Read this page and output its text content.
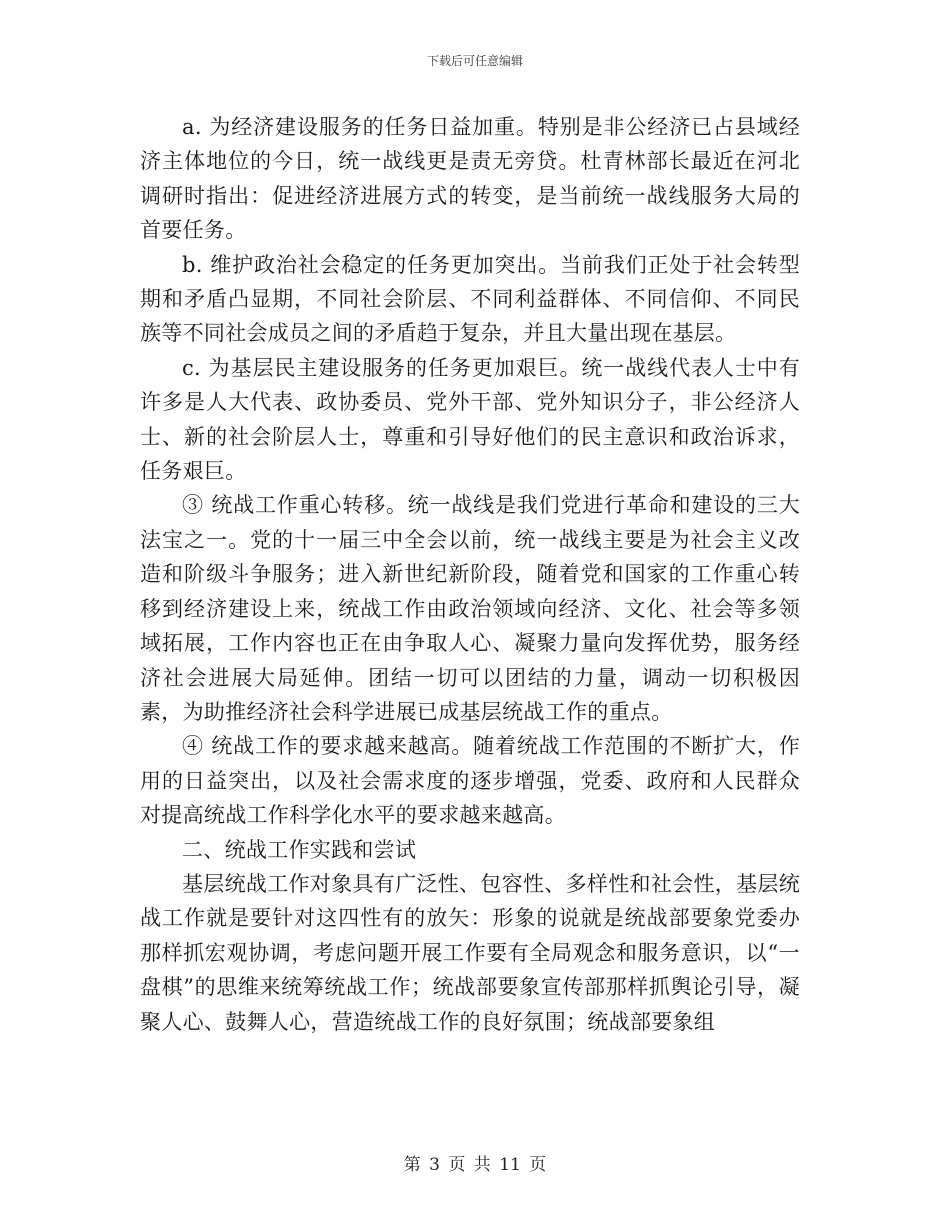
下载后可任意编辑

a. 为经济建设服务的任务日益加重。特别是非公经济已占县域经济主体地位的今日，统一战线更是责无旁贷。杜青林部长最近在河北调研时指出：促进经济进展方式的转变，是当前统一战线服务大局的首要任务。

b. 维护政治社会稳定的任务更加突出。当前我们正处于社会转型期和矛盾凸显期，不同社会阶层、不同利益群体、不同信仰、不同民族等不同社会成员之间的矛盾趋于复杂，并且大量出现在基层。

c. 为基层民主建设服务的任务更加艰巨。统一战线代表人士中有许多是人大代表、政协委员、党外干部、党外知识分子，非公经济人士、新的社会阶层人士，尊重和引导好他们的民主意识和政治诉求，任务艰巨。

③ 统战工作重心转移。统一战线是我们党进行革命和建设的三大法宝之一。党的十一届三中全会以前，统一战线主要是为社会主义改造和阶级斗争服务；进入新世纪新阶段，随着党和国家的工作重心转移到经济建设上来，统战工作由政治领域向经济、文化、社会等多领域拓展，工作内容也正在由争取人心、凝聚力量向发挥优势，服务经济社会进展大局延伸。团结一切可以团结的力量，调动一切积极因素，为助推经济社会科学进展已成基层统战工作的重点。

④ 统战工作的要求越来越高。随着统战工作范围的不断扩大，作用的日益突出，以及社会需求度的逐步增强，党委、政府和人民群众对提高统战工作科学化水平的要求越来越高。

二、统战工作实践和尝试

基层统战工作对象具有广泛性、包容性、多样性和社会性，基层统战工作就是要针对这四性有的放矢：形象的说就是统战部要象党委办那样抓宏观协调，考虑问题开展工作要有全局观念和服务意识，以“一盘棋”的思维来统筹统战工作；统战部要象宣传部那样抓舆论引导，凝聚人心、鼓舞人心，营造统战工作的良好氛围；统战部要象组

第 3 页 共 11 页
